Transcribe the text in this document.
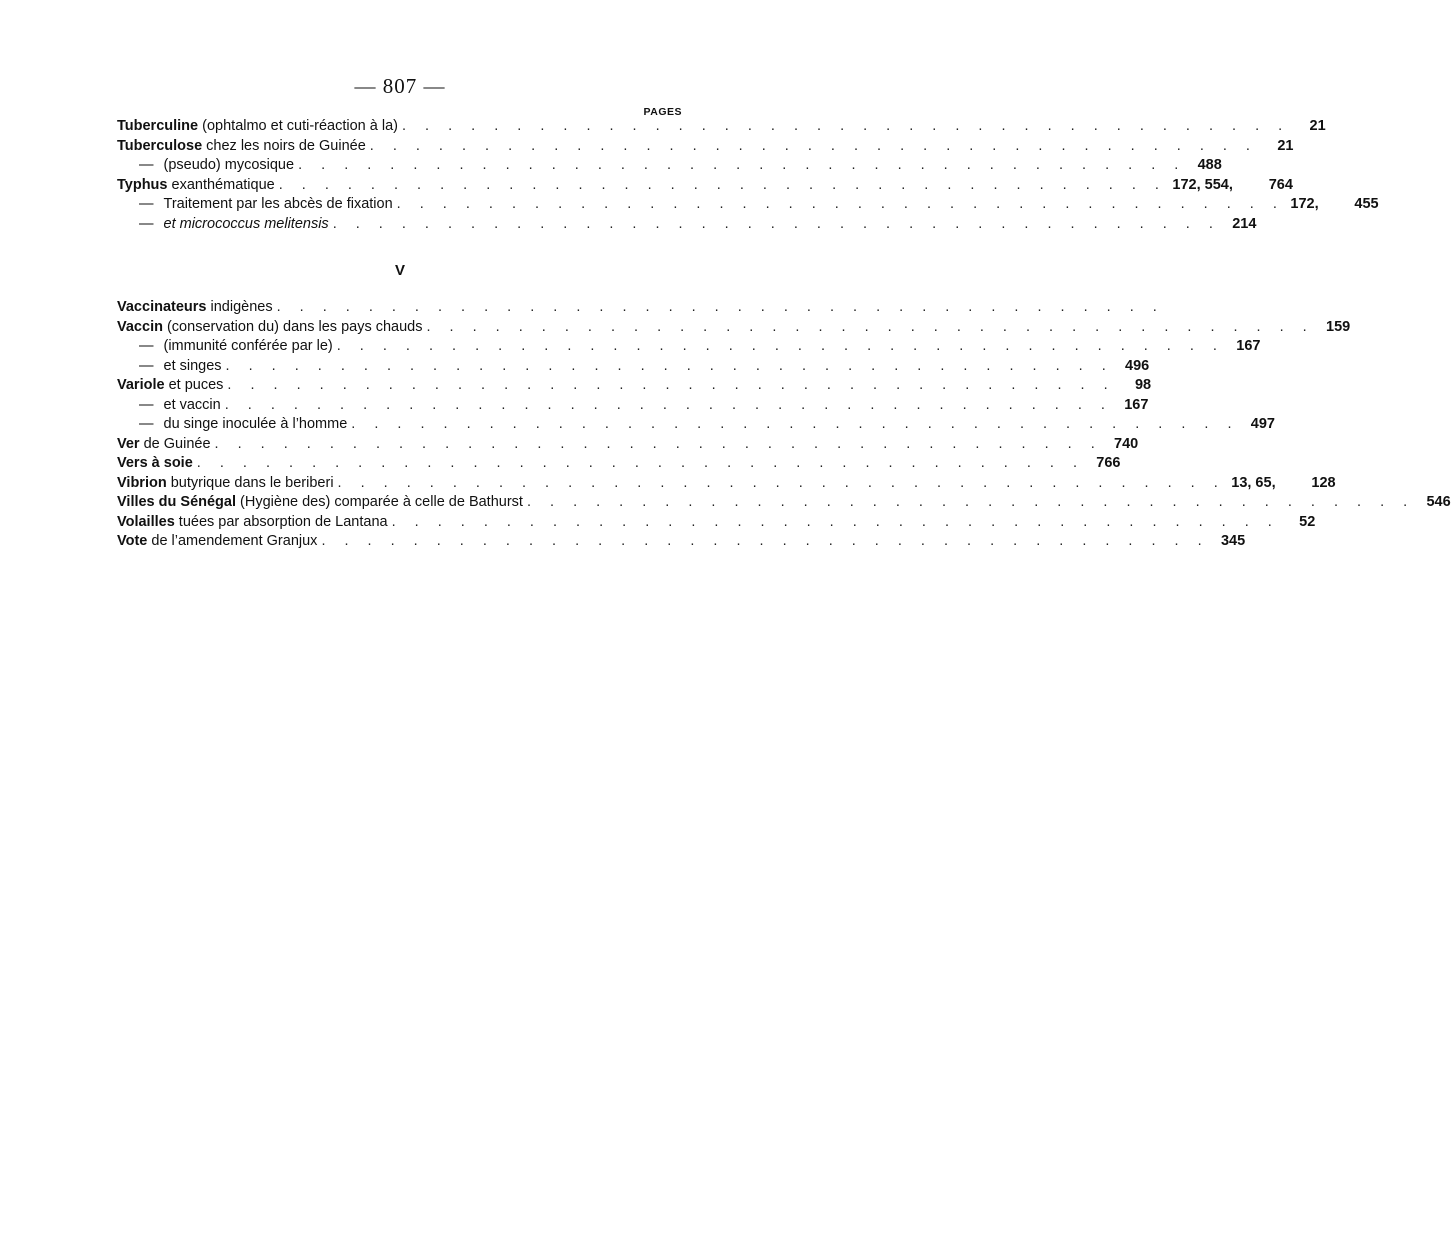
— 807 —
PAGES
Tuberculine (ophtalmo et cuti-réaction à la) . . . . . . . . . . . . . . . . . . . . . . . . . . . . . . . . . . . . . . .	21
Tuberculose chez les noirs de Guinée . . . . . . . . . . . . . . . . . . . . . . . . . . . . . . . . . . . . . . .	21
— (pseudo) mycosique . . . . . . . . . . . . . . . . . . . . . . . . . . . . . . . . . . . . . . . 488
Typhus exanthématique . . . . . . . . . . . . . . . . . . . . . . . . . . . . . . . . . . . . . . . 172, 554,	764
— Traitement par les abcès de fixation . . . . . . . . . . . . . . . . . . . . . . . . . . . . . . . . . . . . . . . 172,	455
— et micrococcus melitensis . . . . . . . . . . . . . . . . . . . . . . . . . . . . . . . . . . . . . . . 214
V
Vaccinateurs indigènes . . . . . . . . . . . . . . . . . . . . . . . . . . . . . . . . . . . . . . .
Vaccin (conservation du) dans les pays chauds . . . . . . . . . . . . . . . . . . . . . . . . . . . . . . . . . . . . . . . 159
— (immunité conférée par le) . . . . . . . . . . . . . . . . . . . . . . . . . . . . . . . . . . . . . . . 167
— et singes . . . . . . . . . . . . . . . . . . . . . . . . . . . . . . . . . . . . . . . 496
Variole et puces . . . . . . . . . . . . . . . . . . . . . . . . . . . . . . . . . . . . . . .	98
— et vaccin . . . . . . . . . . . . . . . . . . . . . . . . . . . . . . . . . . . . . . . 167
— du singe inoculée à l’homme . . . . . . . . . . . . . . . . . . . . . . . . . . . . . . . . . . . . . . . 497
Ver de Guinée . . . . . . . . . . . . . . . . . . . . . . . . . . . . . . . . . . . . . . . 740
Vers à soie . . . . . . . . . . . . . . . . . . . . . . . . . . . . . . . . . . . . . . . 766
Vibrion butyrique dans le beriberi . . . . . . . . . . . . . . . . . . . . . . . . . . . . . . . . . . . . . . . 13, 65,	128
Villes du Sénégal (Hygiène des) comparée à celle de Bathurst . . . . . . . . . . . . . . . . . . . . . . . . . . . . . . . . . . . . . . . 546
Volailles tuées par absorption de Lantana . . . . . . . . . . . . . . . . . . . . . . . . . . . . . . . . . . . . . . .	52
Vote de l’amendement Granjux . . . . . . . . . . . . . . . . . . . . . . . . . . . . . . . . . . . . . . . 345
